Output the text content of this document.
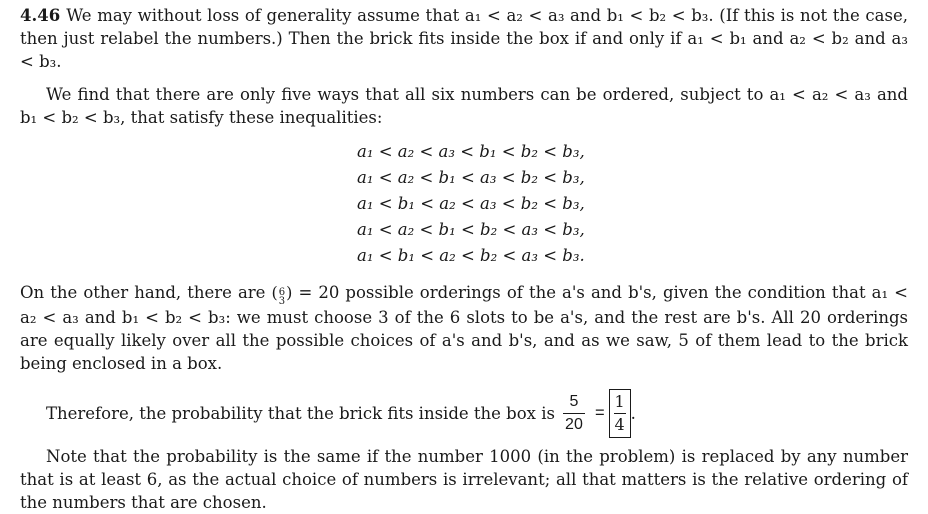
4.46 We may without loss of generality assume that a₁ < a₂ < a₃ and b₁ < b₂ < b₃. (If this is not the case, then just relabel the numbers.) Then the brick fits inside the box if and only if a₁ < b₁ and a₂ < b₂ and a₃ < b₃.

We find that there are only five ways that all six numbers can be ordered, subject to a₁ < a₂ < a₃ and b₁ < b₂ < b₃, that satisfy these inequalities:

a₁ < a₂ < a₃ < b₁ < b₂ < b₃,
a₁ < a₂ < b₁ < a₃ < b₂ < b₃,
a₁ < b₁ < a₂ < a₃ < b₂ < b₃,
a₁ < a₂ < b₁ < b₂ < a₃ < b₃,
a₁ < b₁ < a₂ < b₂ < a₃ < b₃.

On the other hand, there are ( 6
3 ) = 20 possible orderings of the a's and b's, given the condition that a₁ < a₂ < a₃ and b₁ < b₂ < b₃: we must choose 3 of the 6 slots to be a's, and the rest are b's. All 20 orderings are equally likely over all the possible choices of a's and b's, and as we saw, 5 of them lead to the brick being enclosed in a box.

Therefore, the probability that the brick fits inside the box is $\frac{5}{20} = \frac{1}{4}$ .

Note that the probability is the same if the number 1000 (in the problem) is replaced by any number that is at least 6, as the actual choice of numbers is irrelevant; all that matters is the relative ordering of the numbers that are chosen.
